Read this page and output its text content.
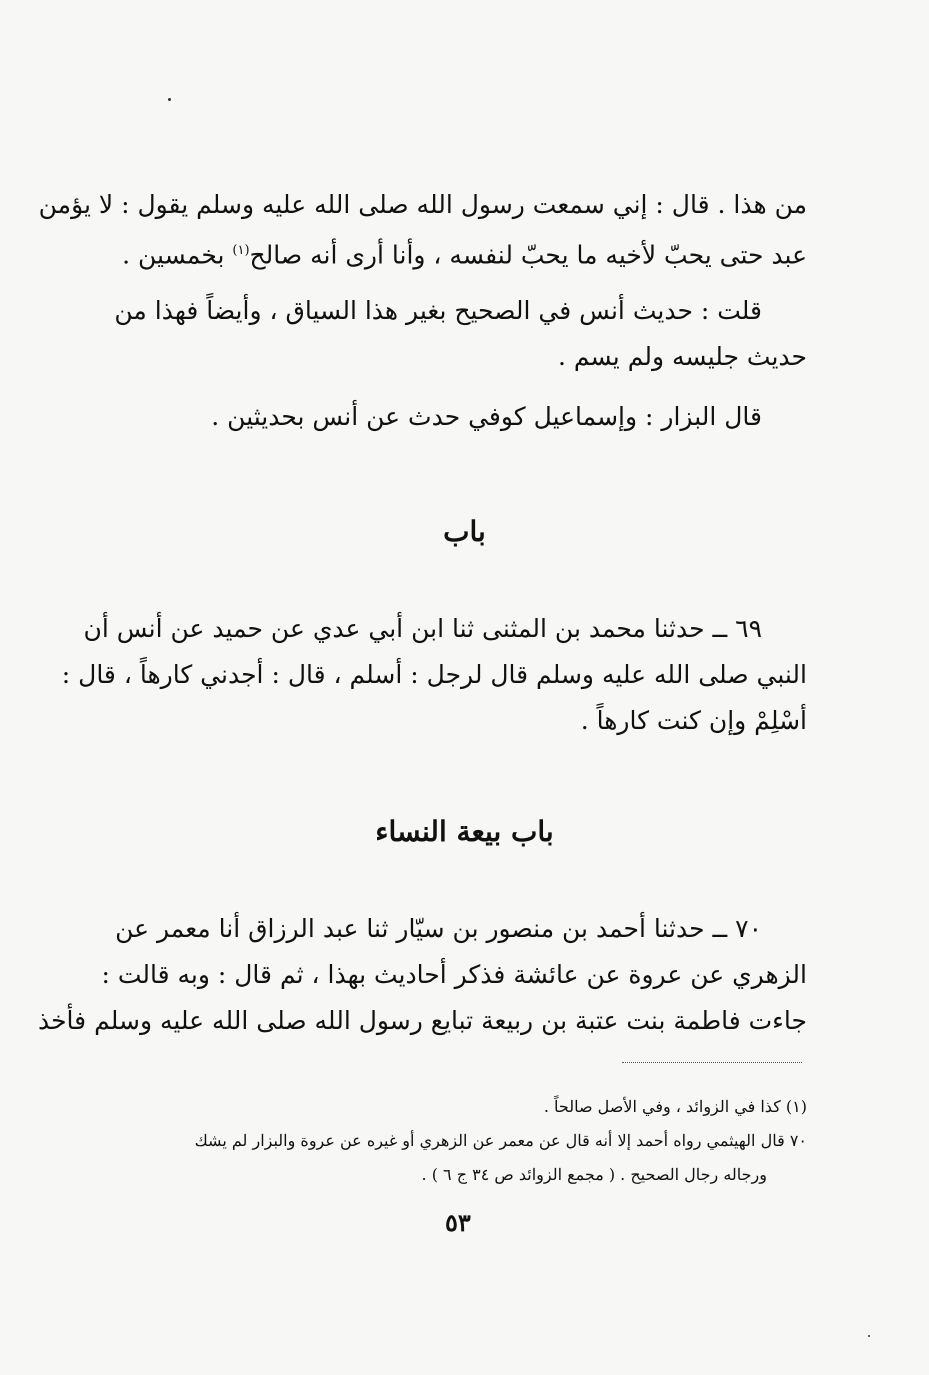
من هذا . قال : إني سمعت رسول الله صلى الله عليه وسلم يقول : لا يؤمن
عبد حتى يحبّ لأخيه ما يحبّ لنفسه ، وأنا أرى أنه صالح$^{(١)}$ بخمسين .
قلت : حديث أنس في الصحيح بغير هذا السياق ، وأيضاً فهذا من
حديث جليسه ولم يسم .
قال البزار : وإسماعيل كوفي حدث عن أنس بحديثين .
باب
٦٩ ــ حدثنا محمد بن المثنى ثنا ابن أبي عدي عن حميد عن أنس أن
النبي صلى الله عليه وسلم قال لرجل : أسلم ، قال : أجدني كارهاً ، قال :
أسْلِمْ وإن كنت كارهاً .
باب بيعة النساء
٧٠ ــ حدثنا أحمد بن منصور بن سيّار ثنا عبد الرزاق أنا معمر عن
الزهري عن عروة عن عائشة فذكر أحاديث بهذا ، ثم قال : وبه قالت :
جاءت فاطمة بنت عتبة بن ربيعة تبايع رسول الله صلى الله عليه وسلم فأخذ
(١) كذا في الزوائد ، وفي الأصل صالحاً .
٧٠ قال الهيثمي رواه أحمد إلا أنه قال عن معمر عن الزهري أو غيره عن عروة والبزار لم يشك
ورجاله رجال الصحيح . ( مجمع الزوائد ص ٣٤ ج ٦ ) .
٥٣
